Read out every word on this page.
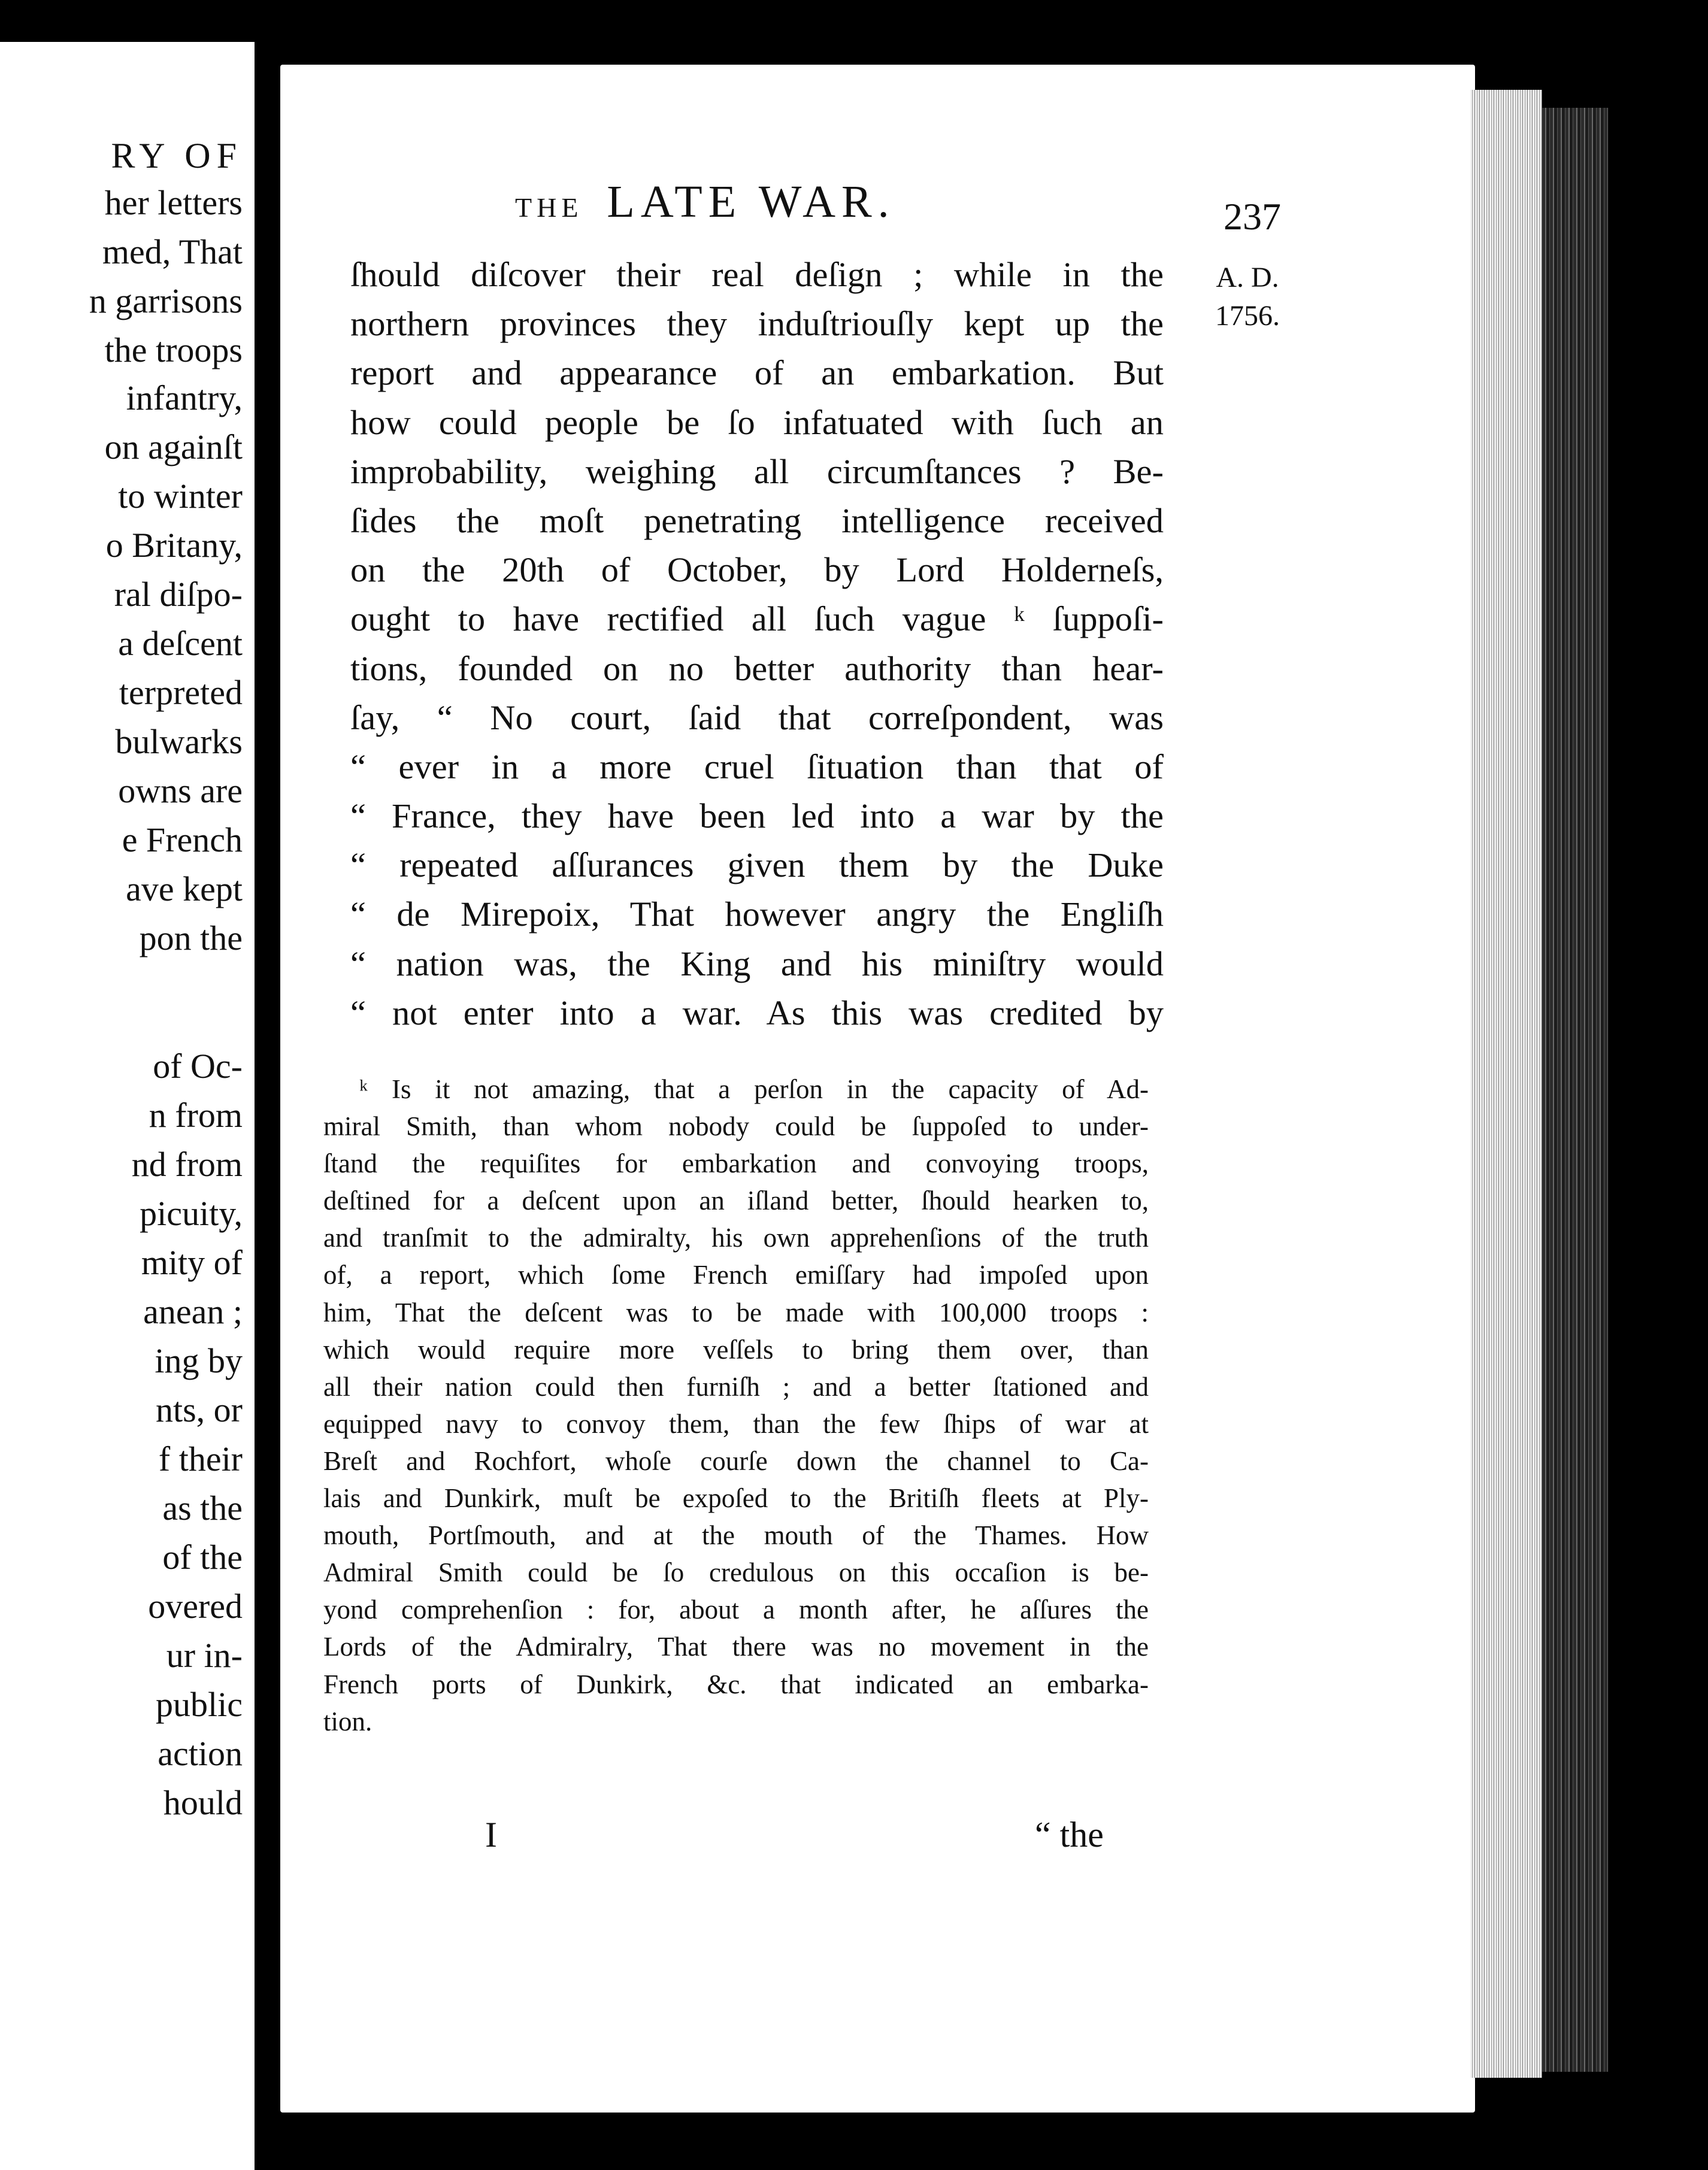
RY OF
her letters
med, That
n garrisons
the troops
infantry,
on againſt
to winter
o Britany,
ral diſpo-
a deſcent
terpreted
bulwarks
owns are
e French
ave kept
pon the
of Oc-
n from
nd from
picuity,
mity of
anean ;
ing by
nts, or
f their
as the
of the
overed
ur in-
public
action
hould
THE LATE WAR.	237
A. D.
1756.
ſhould diſcover their real deſign ; while in the
northern provinces they induſtriouſly kept up the
report and appearance of an embarkation. But
how could people be ſo infatuated with ſuch an
improbability, weighing all circumſtances ? Be-
ſides the moſt penetrating intelligence received
on the 20th of October, by Lord Holderneſs,
ought to have rectified all ſuch vague ᵏ ſuppoſi-
tions, founded on no better authority than hear-
ſay, “ No court, ſaid that correſpondent, was
“ ever in a more cruel ſituation than that of
“ France, they have been led into a war by the
“ repeated aſſurances given them by the Duke
“ de Mirepoix, That however angry the Engliſh
“ nation was, the King and his miniſtry would
“ not enter into a war. As this was credited by
ᵏ Is it not amazing, that a perſon in the capacity of Ad-
miral Smith, than whom nobody could be ſuppoſed to under-
ſtand the requiſites for embarkation and convoying troops,
deſtined for a deſcent upon an iſland better, ſhould hearken to,
and tranſmit to the admiralty, his own apprehenſions of the truth
of, a report, which ſome French emiſſary had impoſed upon
him, That the deſcent was to be made with 100,000 troops :
which would require more veſſels to bring them over, than
all their nation could then furniſh ; and a better ſtationed and
equipped navy to convoy them, than the few ſhips of war at
Breſt and Rochfort, whoſe courſe down the channel to Ca-
lais and Dunkirk, muſt be expoſed to the Britiſh fleets at Ply-
mouth, Portſmouth, and at the mouth of the Thames. How
Admiral Smith could be ſo credulous on this occaſion is be-
yond comprehenſion : for, about a month after, he aſſures the
Lords of the Admiralry, That there was no movement in the
French ports of Dunkirk, &c. that indicated an embarka-
tion.
I	“ the
